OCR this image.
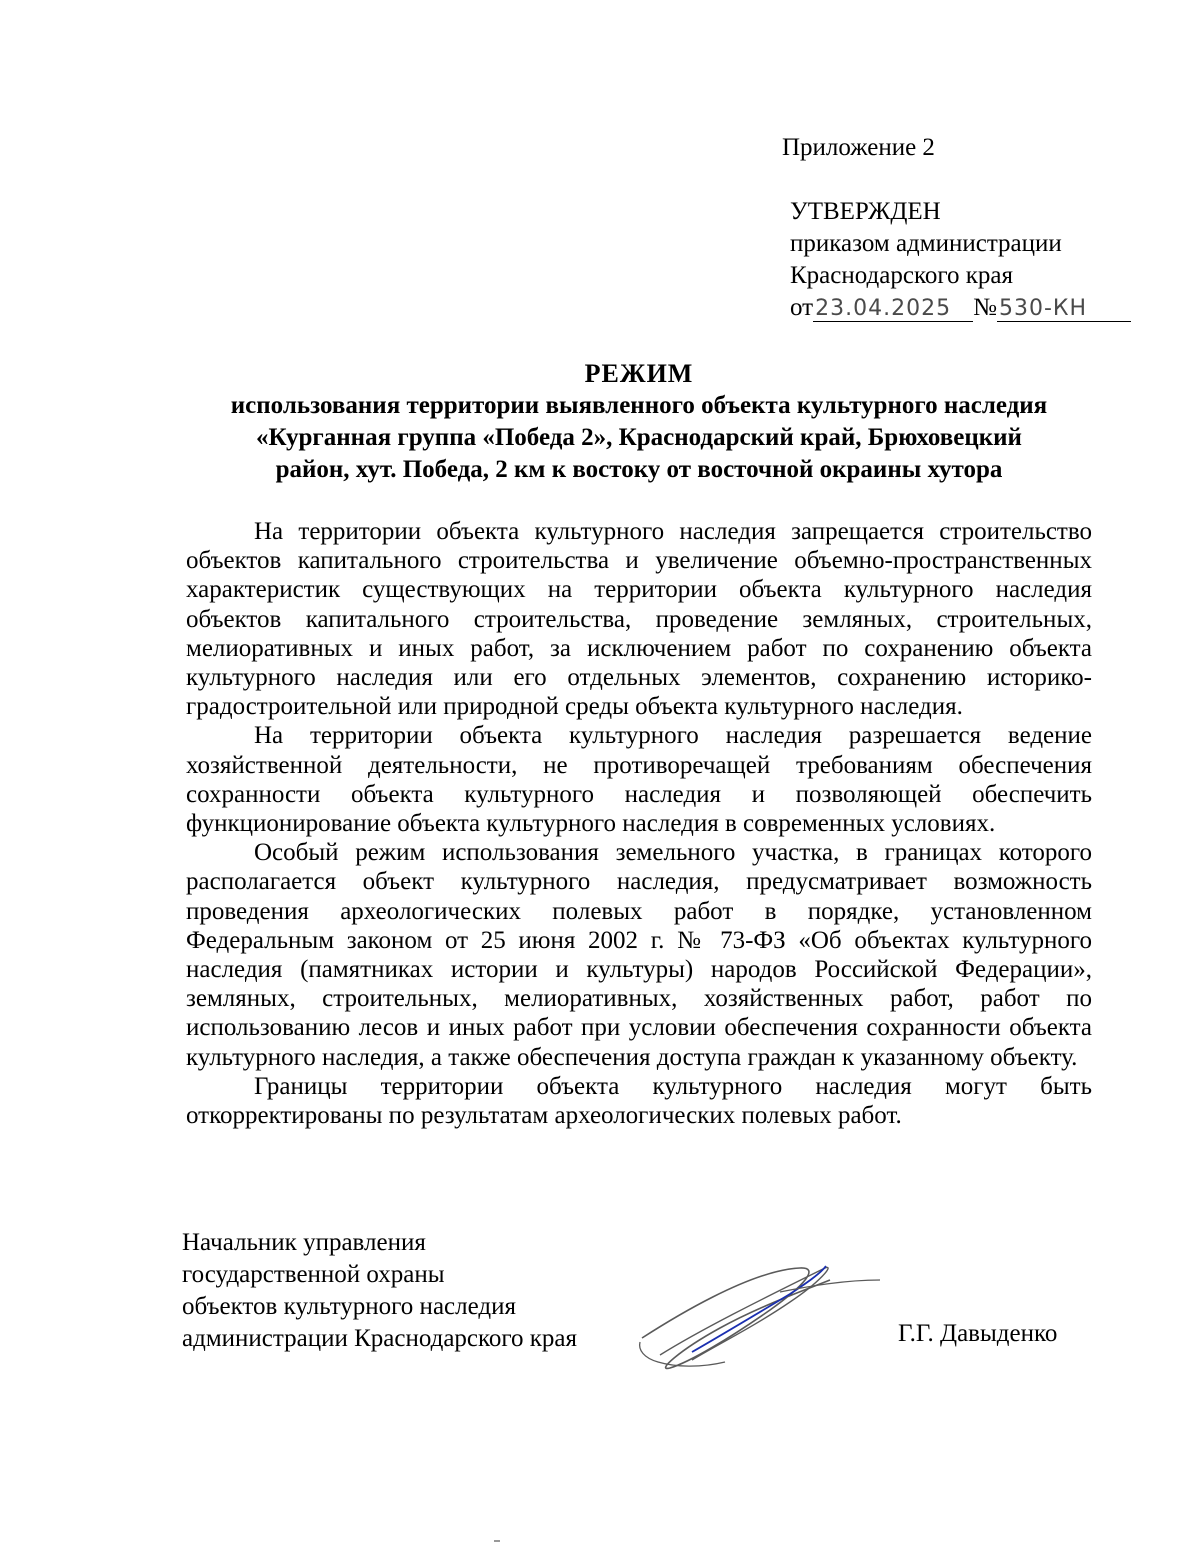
Приложение 2
УТВЕРЖДЕН
приказом администрации
Краснодарского края
от23.04.2025 №530-КН
РЕЖИМ
использования территории выявленного объекта культурного наследия
«Курганная группа «Победа 2», Краснодарский край, Брюховецкий
район, хут. Победа, 2 км к востоку от восточной окраины хутора

На территории объекта культурного наследия запрещается строительство объектов капитального строительства и увеличение объемно-пространственных характеристик существующих на территории объекта культурного наследия объектов капитального строительства, проведение земляных, строительных, мелиоративных и иных работ, за исключением работ по сохранению объекта культурного наследия или его отдельных элементов, сохранению историко-градостроительной или природной среды объекта культурного наследия.

На территории объекта культурного наследия разрешается ведение хозяйственной деятельности, не противоречащей требованиям обеспечения сохранности объекта культурного наследия и позволяющей обеспечить функционирование объекта культурного наследия в современных условиях.

Особый режим использования земельного участка, в границах которого располагается объект культурного наследия, предусматривает возможность проведения археологических полевых работ в порядке, установленном Федеральным законом от 25 июня 2002 г. № 73-ФЗ «Об объектах культурного наследия (памятниках истории и культуры) народов Российской Федерации», земляных, строительных, мелиоративных, хозяйственных работ, работ по использованию лесов и иных работ при условии обеспечения сохранности объекта культурного наследия, а также обеспечения доступа граждан к указанному объекту.

Границы территории объекта культурного наследия могут быть откорректированы по результатам археологических полевых работ.

Начальник управления
государственной охраны
объектов культурного наследия
администрации Краснодарского края	Г.Г. Давыденко
